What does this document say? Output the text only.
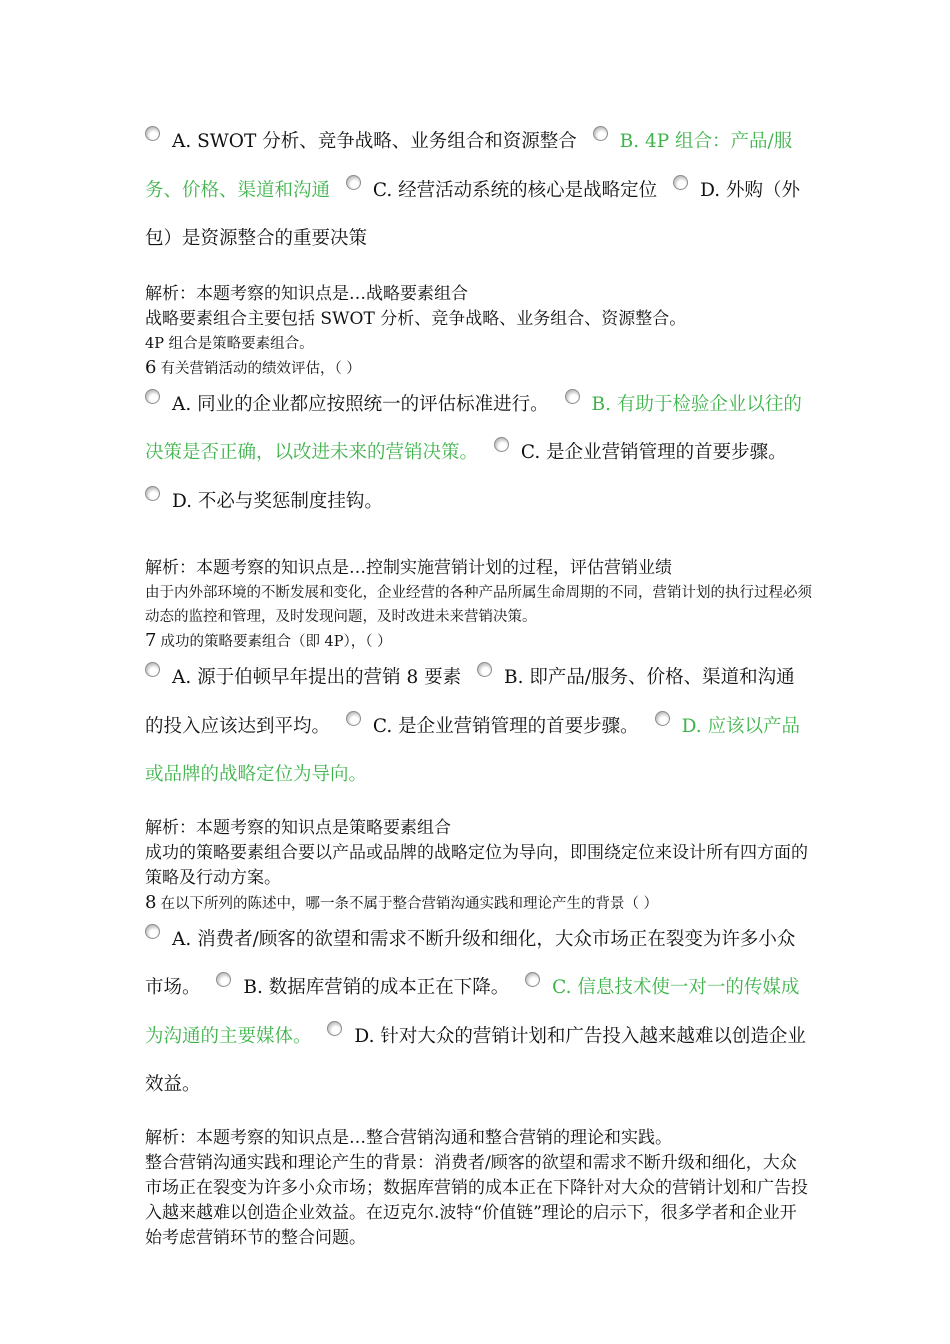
A. SWOT 分析、竞争战略、业务组合和资源整合 B. 4P 组合：产品/服务、价格、渠道和沟通 C. 经营活动系统的核心是战略定位 D. 外购（外包）是资源整合的重要决策

解析：本题考察的知识点是…战略要素组合

战略要素组合主要包括 SWOT 分析、竞争战略、业务组合、资源整合。

4P 组合是策略要素组合。

6 有关营销活动的绩效评估，（ ）

A. 同业的企业都应按照统一的评估标准进行。 B. 有助于检验企业以往的决策是否正确，以改进未来的营销决策。 C. 是企业营销管理的首要步骤。 D. 不必与奖惩制度挂钩。

解析：本题考察的知识点是…控制实施营销计划的过程，评估营销业绩

由于内外部环境的不断发展和变化，企业经营的各种产品所属生命周期的不同，营销计划的执行过程必须动态的监控和管理，及时发现问题，及时改进未来营销决策。

7 成功的策略要素组合（即 4P），（ ）

A. 源于伯顿早年提出的营销 8 要素 B. 即产品/服务、价格、渠道和沟通的投入应该达到平均。 C. 是企业营销管理的首要步骤。 D. 应该以产品或品牌的战略定位为导向。

解析：本题考察的知识点是策略要素组合

成功的策略要素组合要以产品或品牌的战略定位为导向，即围绕定位来设计所有四方面的策略及行动方案。

8 在以下所列的陈述中，哪一条不属于整合营销沟通实践和理论产生的背景（ ）

A. 消费者/顾客的欲望和需求不断升级和细化，大众市场正在裂变为许多小众市场。 B. 数据库营销的成本正在下降。 C. 信息技术使一对一的传媒成为沟通的主要媒体。 D. 针对大众的营销计划和广告投入越来越难以创造企业效益。

解析：本题考察的知识点是…整合营销沟通和整合营销的理论和实践。

整合营销沟通实践和理论产生的背景：消费者/顾客的欲望和需求不断升级和细化，大众市场正在裂变为许多小众市场；数据库营销的成本正在下降针对大众的营销计划和广告投入越来越难以创造企业效益。在迈克尔.波特“价值链”理论的启示下，很多学者和企业开始考虑营销环节的整合问题。
